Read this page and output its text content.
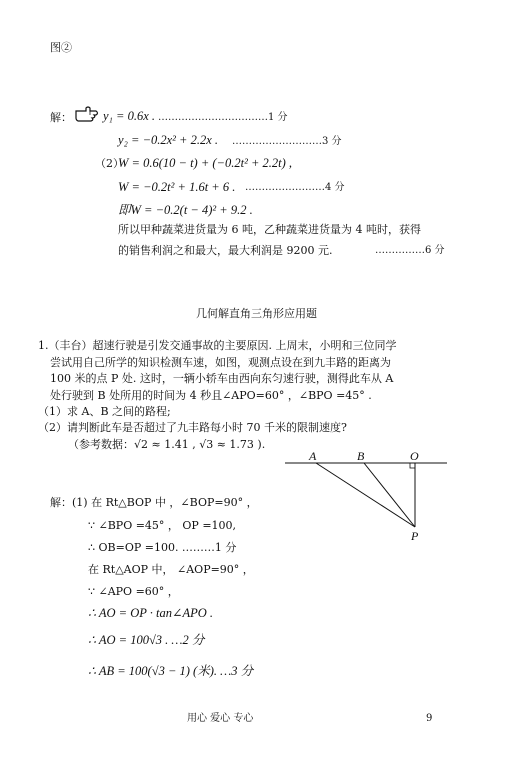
图②
解： y₁ = 0.6x . ……………………………1 分
y₂ = −0.2x² + 2.2x . ………………………3 分
（2）
W = 0.6(10 − t) + (−0.2t² + 2.2t) ,
W = −0.2t² + 1.6t + 6 . ……………………4 分
即W = −0.2(t − 4)² + 9.2 .
所以甲种蔬菜进货量为 6 吨，乙种蔬菜进货量为 4 吨时，获得
的销售利润之和最大，最大利润是 9200 元.	……………6 分
几何解直角三角形应用题
1.（丰台）超速行驶是引发交通事故的主要原因. 上周末，小明和三位同学
尝试用自己所学的知识检测车速，如图，观测点设在到九丰路的距离为
100 米的点 P 处. 这时，一辆小轿车由西向东匀速行驶，测得此车从 A
处行驶到 B 处所用的时间为 4 秒且∠APO=60° ，∠BPO =45° .
（1）求 A、B 之间的路程;
（2）请判断此车是否超过了九丰路每小时 70 千米的限制速度?
（参考数据：√2 ≈ 1.41 , √3 ≈ 1.73 ).
A	B	O
P
解：(1) 在 Rt△BOP 中 ，∠BOP=90° ，
∵ ∠BPO =45° ， OP =100,
∴ OB=OP =100. ………1 分
在 Rt△AOP 中， ∠AOP=90° ，
∵ ∠APO =60° ，
∴ AO = OP · tan∠APO .
∴ AO = 100√3 . …2 分
∴ AB = 100(√3 − 1) (米). …3 分
用心 爱心 专心	9
